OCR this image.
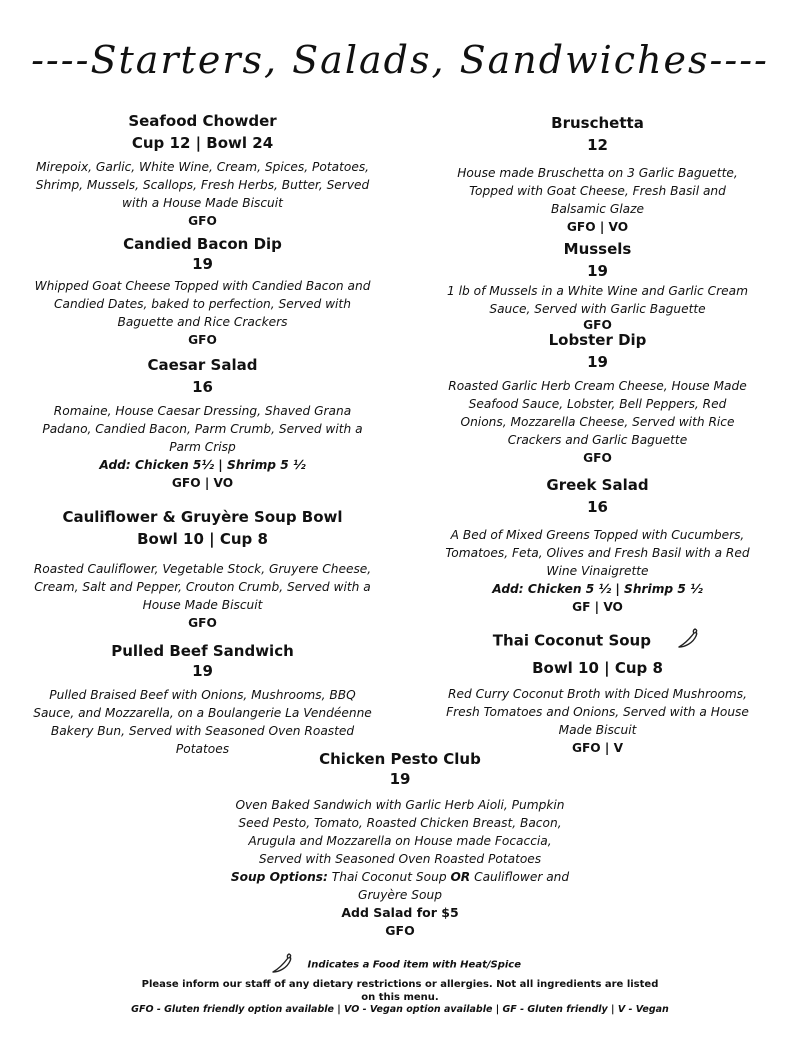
----Starters, Salads, Sandwiches----
Seafood Chowder
Cup 12 | Bowl 24
Mirepoix, Garlic, White Wine, Cream, Spices, Potatoes, Shrimp, Mussels, Scallops, Fresh Herbs, Butter, Served with a House Made Biscuit
GFO
Candied Bacon Dip
19
Whipped Goat Cheese Topped with Candied Bacon and Candied Dates, baked to perfection, Served with Baguette and Rice Crackers
GFO
Caesar Salad
16
Romaine, House Caesar Dressing, Shaved Grana Padano, Candied Bacon, Parm Crumb, Served with a Parm Crisp
Add: Chicken 5½ | Shrimp 5 ½
GFO | VO
Cauliflower & Gruyère Soup Bowl
Bowl 10 | Cup 8
Roasted Cauliflower, Vegetable Stock, Gruyere Cheese, Cream, Salt and Pepper, Crouton Crumb, Served with a House Made Biscuit
GFO
Pulled Beef Sandwich
19
Pulled Braised Beef with Onions, Mushrooms, BBQ Sauce, and Mozzarella, on a Boulangerie La Vendéenne Bakery Bun, Served with Seasoned Oven Roasted Potatoes
Bruschetta
12
House made Bruschetta on 3 Garlic Baguette, Topped with Goat Cheese, Fresh Basil and Balsamic Glaze
GFO | VO
Mussels
19
1 lb of Mussels in a White Wine and Garlic Cream Sauce, Served with Garlic Baguette
GFO
Lobster Dip
19
Roasted Garlic Herb Cream Cheese, House Made Seafood Sauce, Lobster, Bell Peppers, Red Onions, Mozzarella Cheese, Served with Rice Crackers and Garlic Baguette
GFO
Greek Salad
16
A Bed of Mixed Greens Topped with Cucumbers, Tomatoes, Feta, Olives and Fresh Basil with a Red Wine Vinaigrette
Add: Chicken 5 ½ | Shrimp 5 ½
GF | VO
Thai Coconut Soup
Bowl 10 | Cup 8
Red Curry Coconut Broth with Diced Mushrooms, Fresh Tomatoes and Onions, Served with a House Made Biscuit
GFO | V
Chicken Pesto Club
19
Oven Baked Sandwich with Garlic Herb Aioli, Pumpkin Seed Pesto, Tomato, Roasted Chicken Breast, Bacon, Arugula and Mozzarella on House made Focaccia, Served with Seasoned Oven Roasted Potatoes
Soup Options: Thai Coconut Soup OR Cauliflower and Gruyère Soup
Add Salad for $5
GFO
Indicates a Food item with Heat/Spice
Please inform our staff of any dietary restrictions or allergies. Not all ingredients are listed on this menu.
GFO - Gluten friendly option available | VO - Vegan option available | GF - Gluten friendly | V - Vegan
